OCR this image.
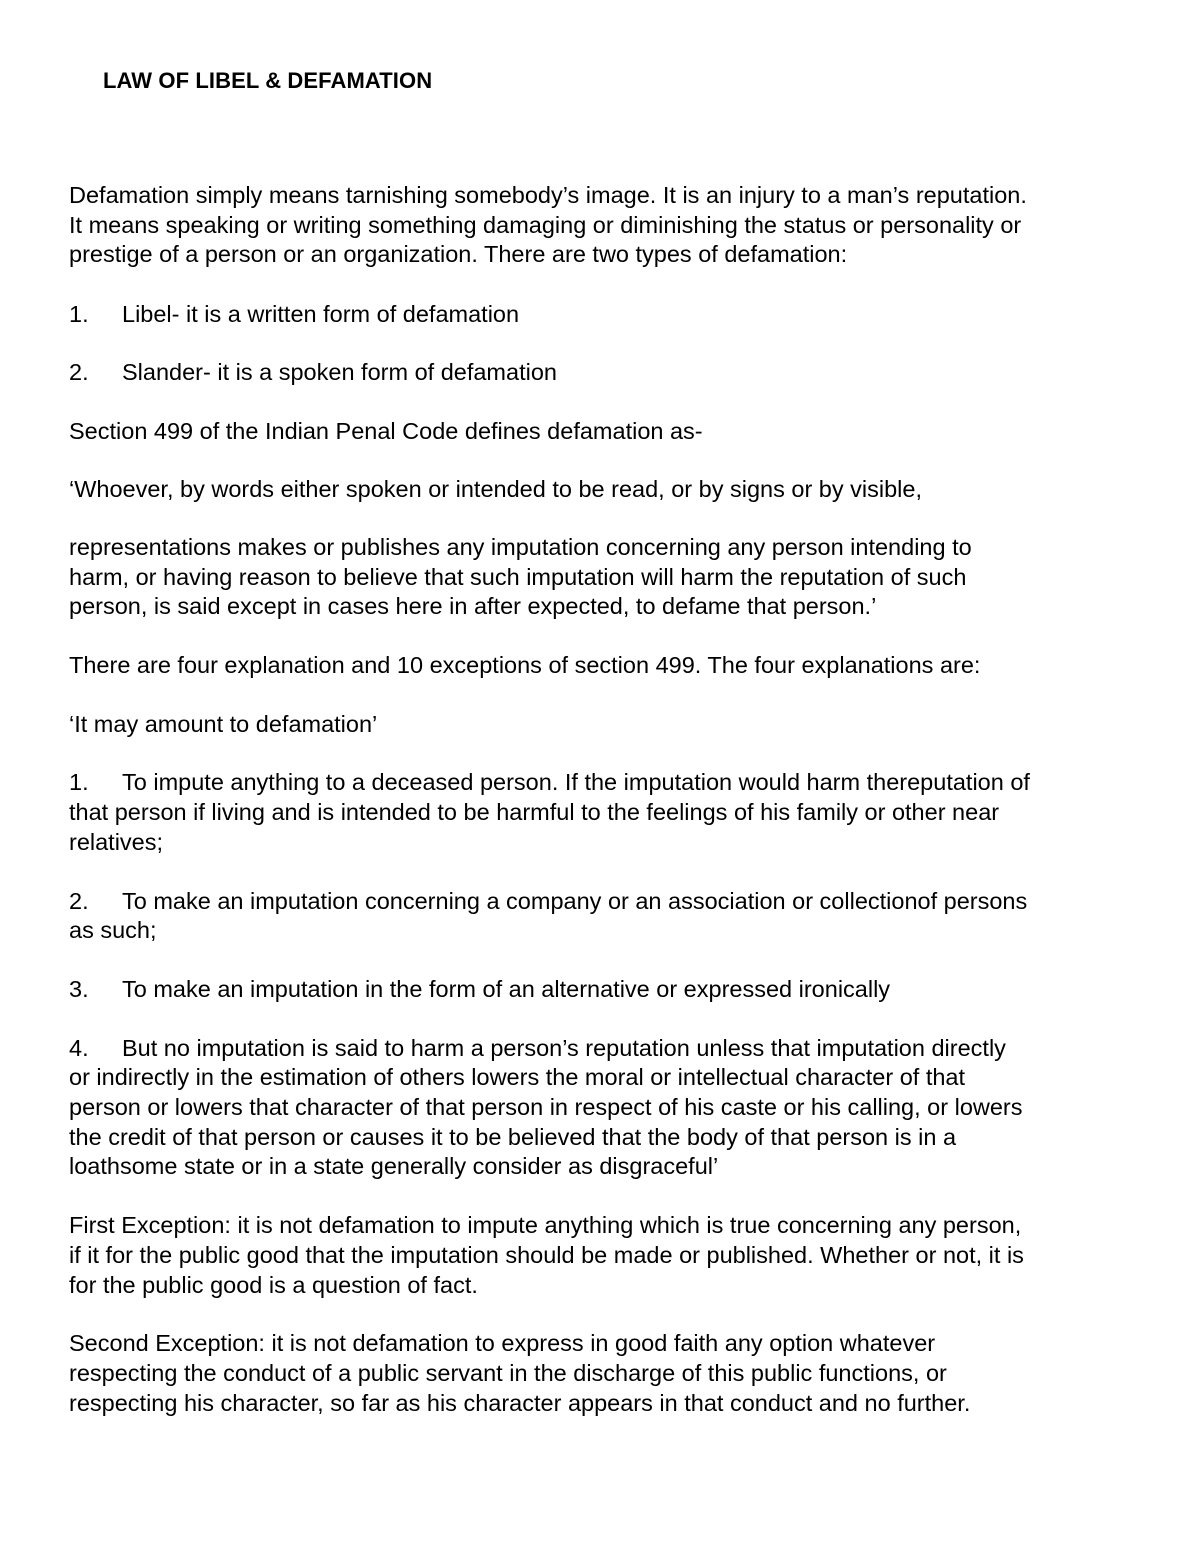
LAW OF LIBEL & DEFAMATION

Defamation simply means tarnishing somebody’s image. It is an injury to a man’s reputation.
It means speaking or writing something damaging or diminishing the status or personality or
prestige of a person or an organization. There are two types of defamation:

1. Libel- it is a written form of defamation

2. Slander- it is a spoken form of defamation

Section 499 of the Indian Penal Code defines defamation as-

‘Whoever, by words either spoken or intended to be read, or by signs or by visible,

representations makes or publishes any imputation concerning any person intending to
harm, or having reason to believe that such imputation will harm the reputation of such
person, is said except in cases here in after expected, to defame that person.’

There are four explanation and 10 exceptions of section 499. The four explanations are:

‘It may amount to defamation’

1. To impute anything to a deceased person. If the imputation would harm thereputation of
that person if living and is intended to be harmful to the feelings of his family or other near
relatives;

2. To make an imputation concerning a company or an association or collectionof persons
as such;

3. To make an imputation in the form of an alternative or expressed ironically

4. But no imputation is said to harm a person’s reputation unless that imputation directly
or indirectly in the estimation of others lowers the moral or intellectual character of that
person or lowers that character of that person in respect of his caste or his calling, or lowers
the credit of that person or causes it to be believed that the body of that person is in a
loathsome state or in a state generally consider as disgraceful’

First Exception: it is not defamation to impute anything which is true concerning any person,
if it for the public good that the imputation should be made or published. Whether or not, it is
for the public good is a question of fact.

Second Exception: it is not defamation to express in good faith any option whatever
respecting the conduct of a public servant in the discharge of this public functions, or
respecting his character, so far as his character appears in that conduct and no further.
